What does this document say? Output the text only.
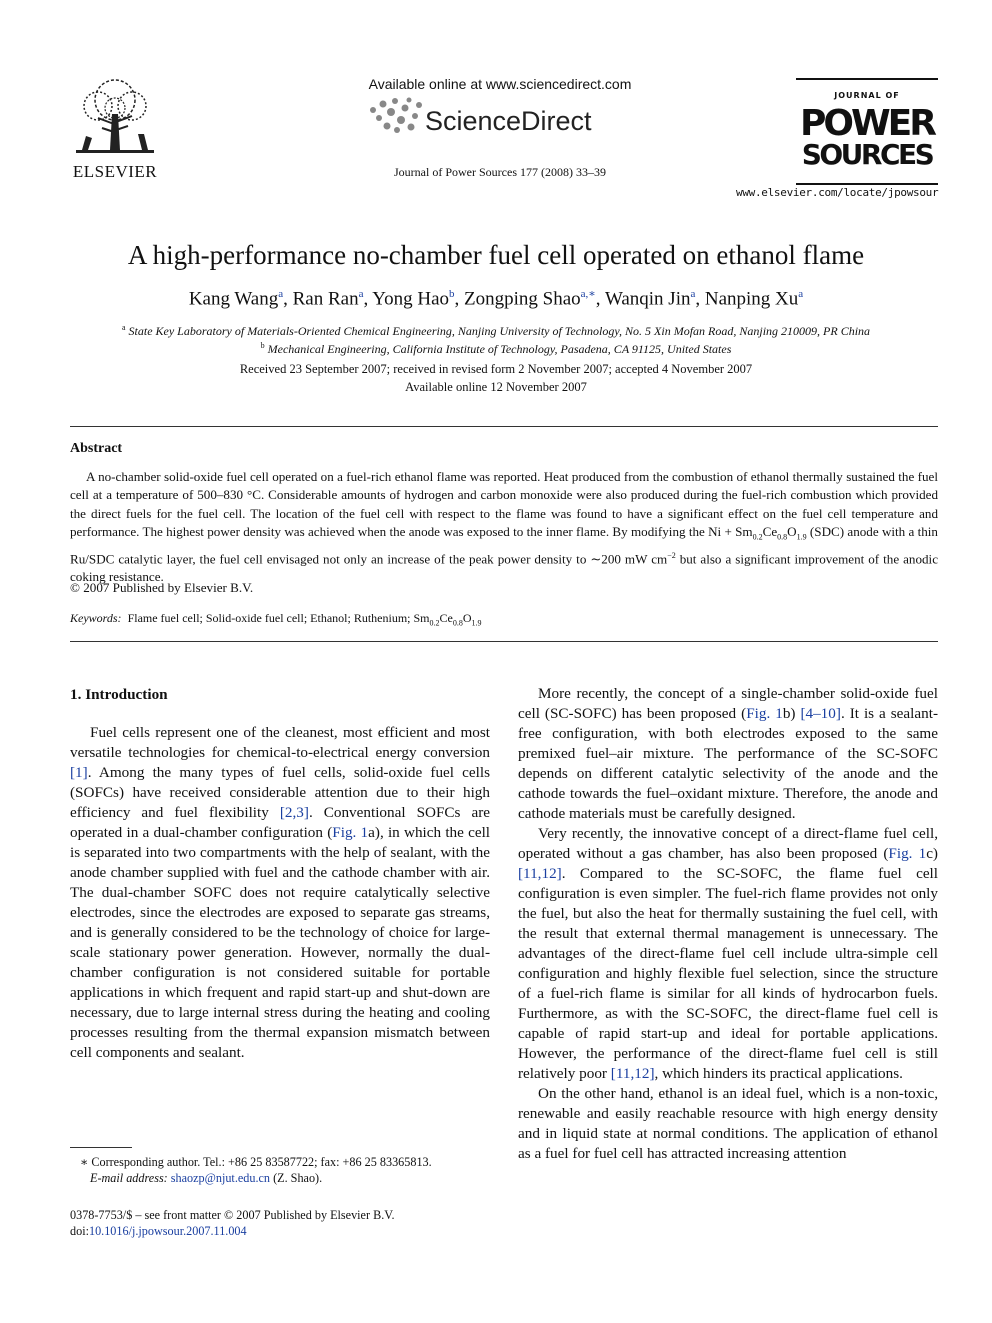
ELSEVIER
Available online at www.sciencedirect.com
ScienceDirect
Journal of Power Sources 177 (2008) 33–39
JOURNAL OF
POWER
SOURCES
www.elsevier.com/locate/jpowsour
A high-performance no-chamber fuel cell operated on ethanol flame
Kang Wang$^a$, Ran Ran$^a$, Yong Hao$^b$, Zongping Shao$^{a,∗}$, Wanqin Jin$^a$, Nanping Xu$^a$
$^a$ State Key Laboratory of Materials-Oriented Chemical Engineering, Nanjing University of Technology, No. 5 Xin Mofan Road, Nanjing 210009, PR China
$^b$ Mechanical Engineering, California Institute of Technology, Pasadena, CA 91125, United States
Received 23 September 2007; received in revised form 2 November 2007; accepted 4 November 2007
Available online 12 November 2007
Abstract

A no-chamber solid-oxide fuel cell operated on a fuel-rich ethanol flame was reported. Heat produced from the combustion of ethanol thermally sustained the fuel cell at a temperature of 500–830 °C. Considerable amounts of hydrogen and carbon monoxide were also produced during the fuel-rich combustion which provided the direct fuels for the fuel cell. The location of the fuel cell with respect to the flame was found to have a significant effect on the fuel cell temperature and performance. The highest power density was achieved when the anode was exposed to the inner flame. By modifying the $Ni + Sm_{0.2}Ce_{0.8}O_{1.9}$ (SDC) anode with a thin Ru/SDC catalytic layer, the fuel cell envisaged not only an increase of the peak power density to ∼200 mW $cm^{-2}$ but also a significant improvement of the anodic coking resistance.

© 2007 Published by Elsevier B.V.
Keywords: Flame fuel cell; Solid-oxide fuel cell; Ethanol; Ruthenium; $Sm_{0.2}Ce_{0.8}O_{1.9}$
1. Introduction

Fuel cells represent one of the cleanest, most efficient and most versatile technologies for chemical-to-electrical energy conversion [1]. Among the many types of fuel cells, solid-oxide fuel cells (SOFCs) have received considerable attention due to their high efficiency and fuel flexibility [2,3]. Conventional SOFCs are operated in a dual-chamber configuration (Fig. 1a), in which the cell is separated into two compartments with the help of sealant, with the anode chamber supplied with fuel and the cathode chamber with air. The dual-chamber SOFC does not require catalytically selective electrodes, since the electrodes are exposed to separate gas streams, and is generally considered to be the technology of choice for large-scale stationary power generation. However, normally the dual-chamber configuration is not considered suitable for portable applications in which frequent and rapid start-up and shut-down are necessary, due to large internal stress during the heating and cooling processes resulting from the thermal expansion mismatch between cell components and sealant.

More recently, the concept of a single-chamber solid-oxide fuel cell (SC-SOFC) has been proposed (Fig. 1b) [4–10]. It is a sealant-free configuration, with both electrodes exposed to the same premixed fuel–air mixture. The performance of the SC-SOFC depends on different catalytic selectivity of the anode and the cathode towards the fuel–oxidant mixture. Therefore, the anode and cathode materials must be carefully designed.

Very recently, the innovative concept of a direct-flame fuel cell, operated without a gas chamber, has also been proposed (Fig. 1c) [11,12]. Compared to the SC-SOFC, the flame fuel cell configuration is even simpler. The fuel-rich flame provides not only the fuel, but also the heat for thermally sustaining the fuel cell, with the result that external thermal management is unnecessary. The advantages of the direct-flame fuel cell include ultra-simple cell configuration and highly flexible fuel selection, since the structure of a fuel-rich flame is similar for all kinds of hydrocarbon fuels. Furthermore, as with the SC-SOFC, the direct-flame fuel cell is capable of rapid start-up and ideal for portable applications. However, the performance of the direct-flame fuel cell is still relatively poor [11,12], which hinders its practical applications.

On the other hand, ethanol is an ideal fuel, which is a non-toxic, renewable and easily reachable resource with high energy density and in liquid state at normal conditions. The application of ethanol as a fuel for fuel cell has attracted increasing attention

∗ Corresponding author. Tel.: +86 25 83587722; fax: +86 25 83365813.
E-mail address: shaozp@njut.edu.cn (Z. Shao).
0378-7753/$ – see front matter © 2007 Published by Elsevier B.V.
doi:10.1016/j.jpowsour.2007.11.004
